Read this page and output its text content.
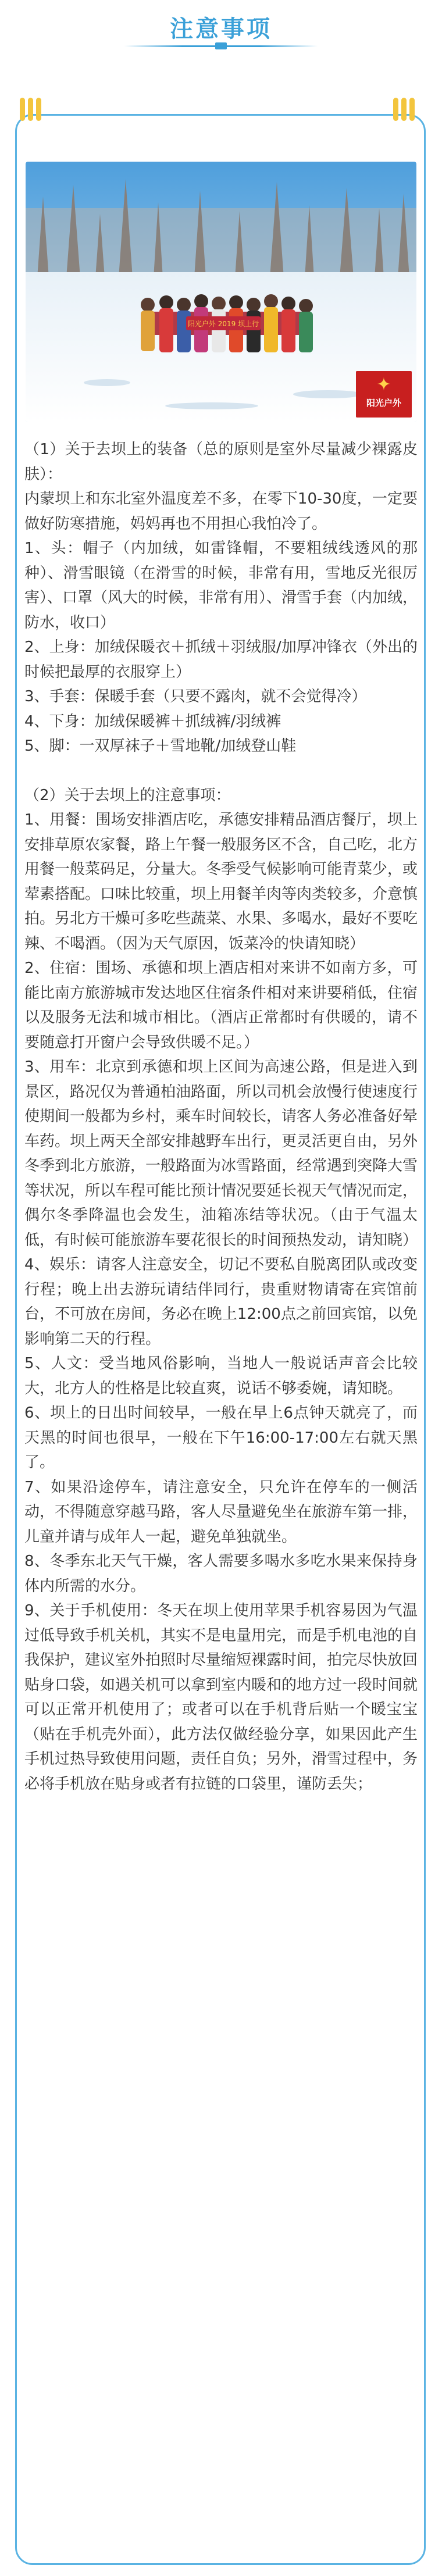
注意事项
阳光户外 2019 坝上行
✦
阳光户外

（1）关于去坝上的装备（总的原则是室外尽量减少裸露皮肤）：

内蒙坝上和东北室外温度差不多，在零下10-30度，一定要做好防寒措施，妈妈再也不用担心我怕冷了。

1、头：帽子（内加绒，如雷锋帽，不要粗绒线透风的那种）、滑雪眼镜（在滑雪的时候，非常有用，雪地反光很厉害）、口罩（风大的时候，非常有用）、滑雪手套（内加绒，防水，收口）

2、上身：加绒保暖衣＋抓绒＋羽绒服/加厚冲锋衣（外出的时候把最厚的衣服穿上）

3、手套：保暖手套（只要不露肉，就不会觉得冷）

4、下身：加绒保暖裤＋抓绒裤/羽绒裤

5、脚：一双厚袜子＋雪地靴/加绒登山鞋

（2）关于去坝上的注意事项：

1、用餐：围场安排酒店吃，承德安排精品酒店餐厅，坝上安排草原农家餐，路上午餐一般服务区不含，自己吃，北方用餐一般菜码足，分量大。冬季受气候影响可能青菜少，或荤素搭配。口味比较重，坝上用餐羊肉等肉类较多，介意慎拍。另北方干燥可多吃些蔬菜、水果、多喝水，最好不要吃辣、不喝酒。（因为天气原因，饭菜冷的快请知晓）

2、住宿：围场、承德和坝上酒店相对来讲不如南方多，可能比南方旅游城市发达地区住宿条件相对来讲要稍低，住宿以及服务无法和城市相比。（酒店正常都时有供暖的，请不要随意打开窗户会导致供暖不足。）

3、用车：北京到承德和坝上区间为高速公路，但是进入到景区，路况仅为普通柏油路面，所以司机会放慢行使速度行使期间一般都为乡村，乘车时间较长，请客人务必准备好晕车药。坝上两天全部安排越野车出行，更灵活更自由，另外冬季到北方旅游，一般路面为冰雪路面，经常遇到突降大雪等状况，所以车程可能比预计情况要延长视天气情况而定，偶尔冬季降温也会发生，油箱冻结等状况。（由于气温太低，有时候可能旅游车要花很长的时间预热发动，请知晓）

4、娱乐：请客人注意安全，切记不要私自脱离团队或改变行程；晚上出去游玩请结伴同行，贵重财物请寄在宾馆前台，不可放在房间，务必在晚上12:00点之前回宾馆，以免影响第二天的行程。

5、人文：受当地风俗影响，当地人一般说话声音会比较大，北方人的性格是比较直爽，说话不够委婉，请知晓。

6、坝上的日出时间较早，一般在早上6点钟天就亮了，而天黑的时间也很早，一般在下午16:00-17:00左右就天黑了。

7、如果沿途停车，请注意安全，只允许在停车的一侧活动，不得随意穿越马路，客人尽量避免坐在旅游车第一排，儿童并请与成年人一起，避免单独就坐。

8、冬季东北天气干燥，客人需要多喝水多吃水果来保持身体内所需的水分。

9、关于手机使用：冬天在坝上使用苹果手机容易因为气温过低导致手机关机，其实不是电量用完，而是手机电池的自我保护，建议室外拍照时尽量缩短裸露时间，拍完尽快放回贴身口袋，如遇关机可以拿到室内暖和的地方过一段时间就可以正常开机使用了；或者可以在手机背后贴一个暖宝宝（贴在手机壳外面），此方法仅做经验分享，如果因此产生手机过热导致使用问题，责任自负；另外，滑雪过程中，务必将手机放在贴身或者有拉链的口袋里，谨防丢失；
